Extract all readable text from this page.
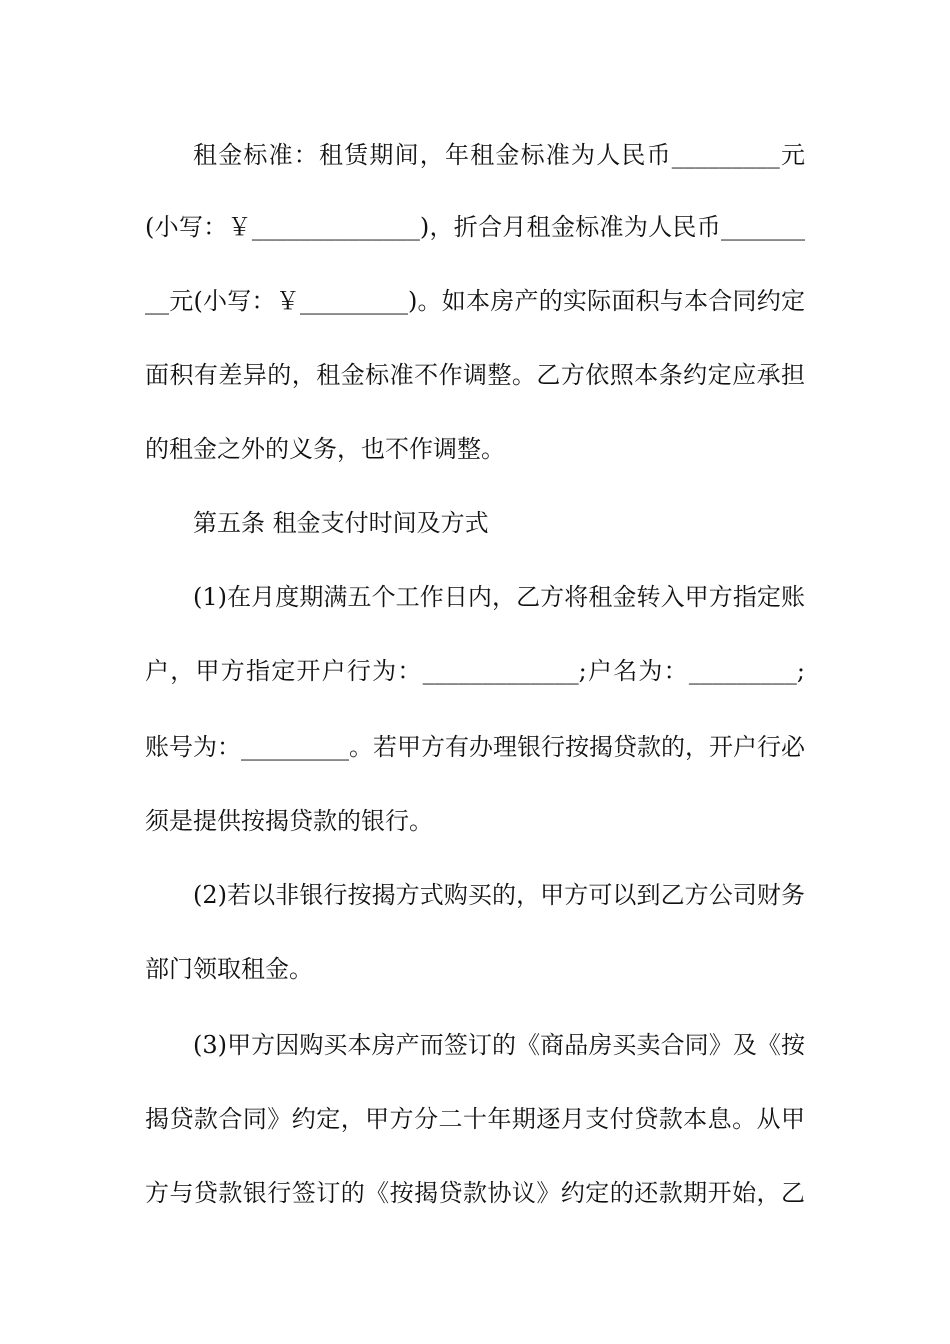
租金标准：租赁期间，年租金标准为人民币_________元
(小写：￥______________)，折合月租金标准为人民币_______
__元(小写：￥_________)。如本房产的实际面积与本合同约定
面积有差异的，租金标准不作调整。乙方依照本条约定应承担
的租金之外的义务，也不作调整。
第五条 租金支付时间及方式
(1)在月度期满五个工作日内，乙方将租金转入甲方指定账
户，甲方指定开户行为：_____________;户名为：_________;
账号为：_________。若甲方有办理银行按揭贷款的，开户行必
须是提供按揭贷款的银行。
(2)若以非银行按揭方式购买的，甲方可以到乙方公司财务
部门领取租金。
(3)甲方因购买本房产而签订的《商品房买卖合同》及《按
揭贷款合同》约定，甲方分二十年期逐月支付贷款本息。从甲
方与贷款银行签订的《按揭贷款协议》约定的还款期开始，乙
